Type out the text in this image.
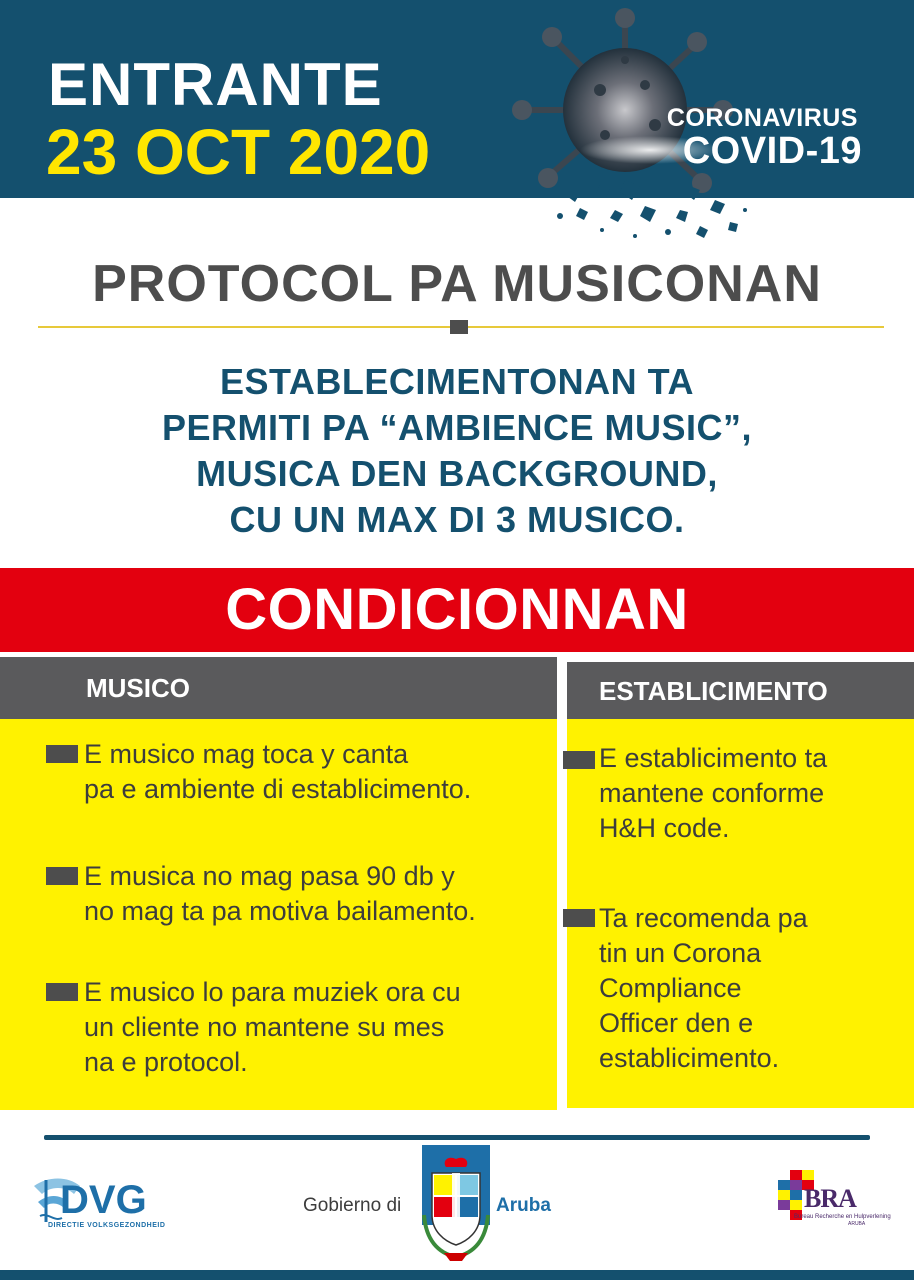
ENTRANTE
23 OCT 2020	CORONAVIRUS
COVID-19
PROTOCOL PA MUSICONAN
ESTABLECIMENTONAN TA
PERMITI PA “AMBIENCE MUSIC”,
MUSICA DEN BACKGROUND,
CU UN MAX DI 3 MUSICO.
CONDICIONNAN
MUSICO	ESTABLICIMENTO
E musico mag toca y canta
pa e ambiente di establicimento.
E musica no mag pasa 90 db y
no mag ta pa motiva bailamento.
E musico lo para muziek ora cu
un cliente no mantene su mes
na e protocol.
E establicimento ta
mantene conforme
H&H code.
Ta recomenda pa
tin un Corona
Compliance
Officer den e
establicimento.
DVG
DIRECTIE VOLKSGEZONDHEID
Gobierno di	Aruba	BRA
Bureau Recherche en Hulpverlening
ARUBA
